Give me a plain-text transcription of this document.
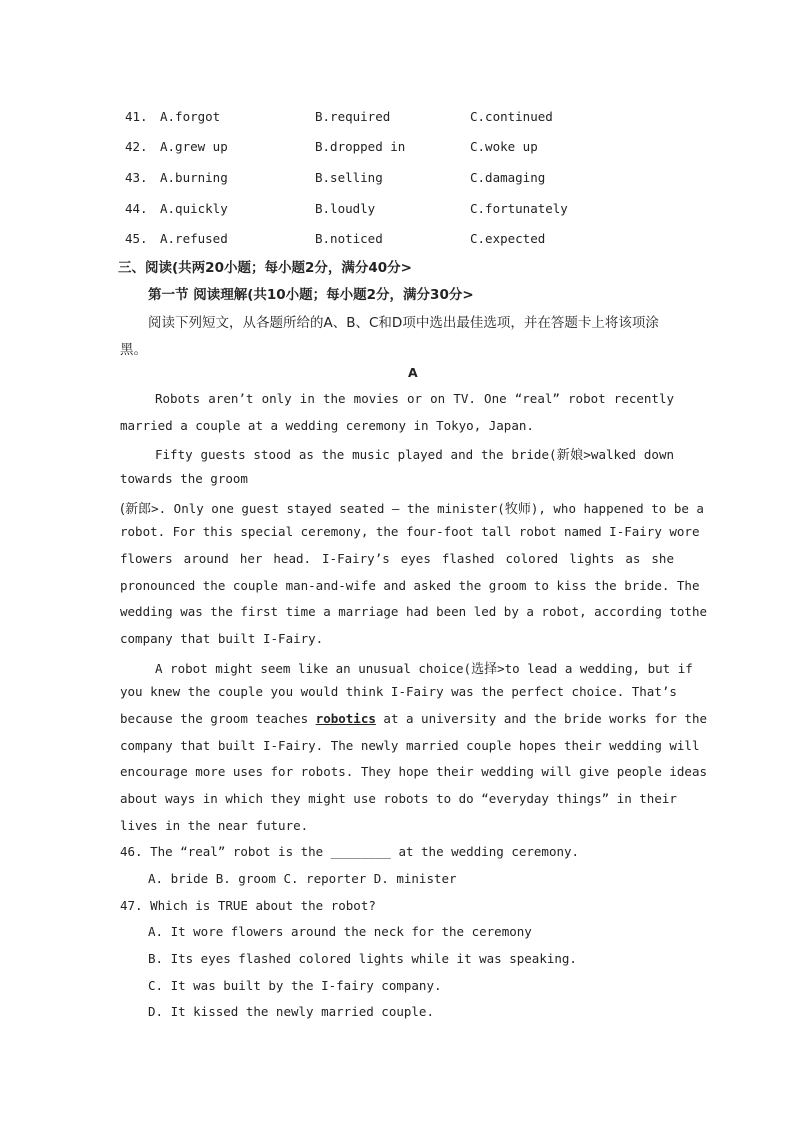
41. A.forgot	B.required	C.continued
42. A.grew up	B.dropped in	C.woke up
43. A.burning	B.selling	C.damaging
44. A.quickly	B.loudly	C.fortunately
45. A.refused	B.noticed	C.expected
三、阅读(共两20小题；每小题2分，满分40分>
第一节 阅读理解(共10小题；每小题2分，满分30分>
阅读下列短文，从各题所给的A、B、C和D项中选出最佳选项，并在答题卡上将该项涂
黑。
A
Robots aren’t only in the movies or on TV. One “real” robot recently
married a couple at a wedding ceremony in Tokyo, Japan.
Fifty guests stood as the music played and the bride(新娘>walked down
towards the groom
(新郎>. Only one guest stayed seated – the minister(牧师), who happened to be a
robot. For this special ceremony, the four-foot tall robot named I-Fairy wore
flowers around her head. I-Fairy’s eyes flashed colored lights as she
pronounced the couple man-and-wife and asked the groom to kiss the bride. The
wedding was the first time a marriage had been led by a robot, according tothe
company that built I-Fairy.
A robot might seem like an unusual choice(选择>to lead a wedding, but if
you knew the couple you would think I-Fairy was the perfect choice. That’s
because the groom teaches robotics at a university and the bride works for the
company that built I-Fairy. The newly married couple hopes their wedding will
encourage more uses for robots. They hope their wedding will give people ideas
about ways in which they might use robots to do “everyday things” in their
lives in the near future.
46. The “real” robot is the ________ at the wedding ceremony.
A. bride B. groom C. reporter D. minister
47. Which is TRUE about the robot?
A. It wore flowers around the neck for the ceremony
B. Its eyes flashed colored lights while it was speaking.
C. It was built by the I-fairy company.
D. It kissed the newly married couple.
